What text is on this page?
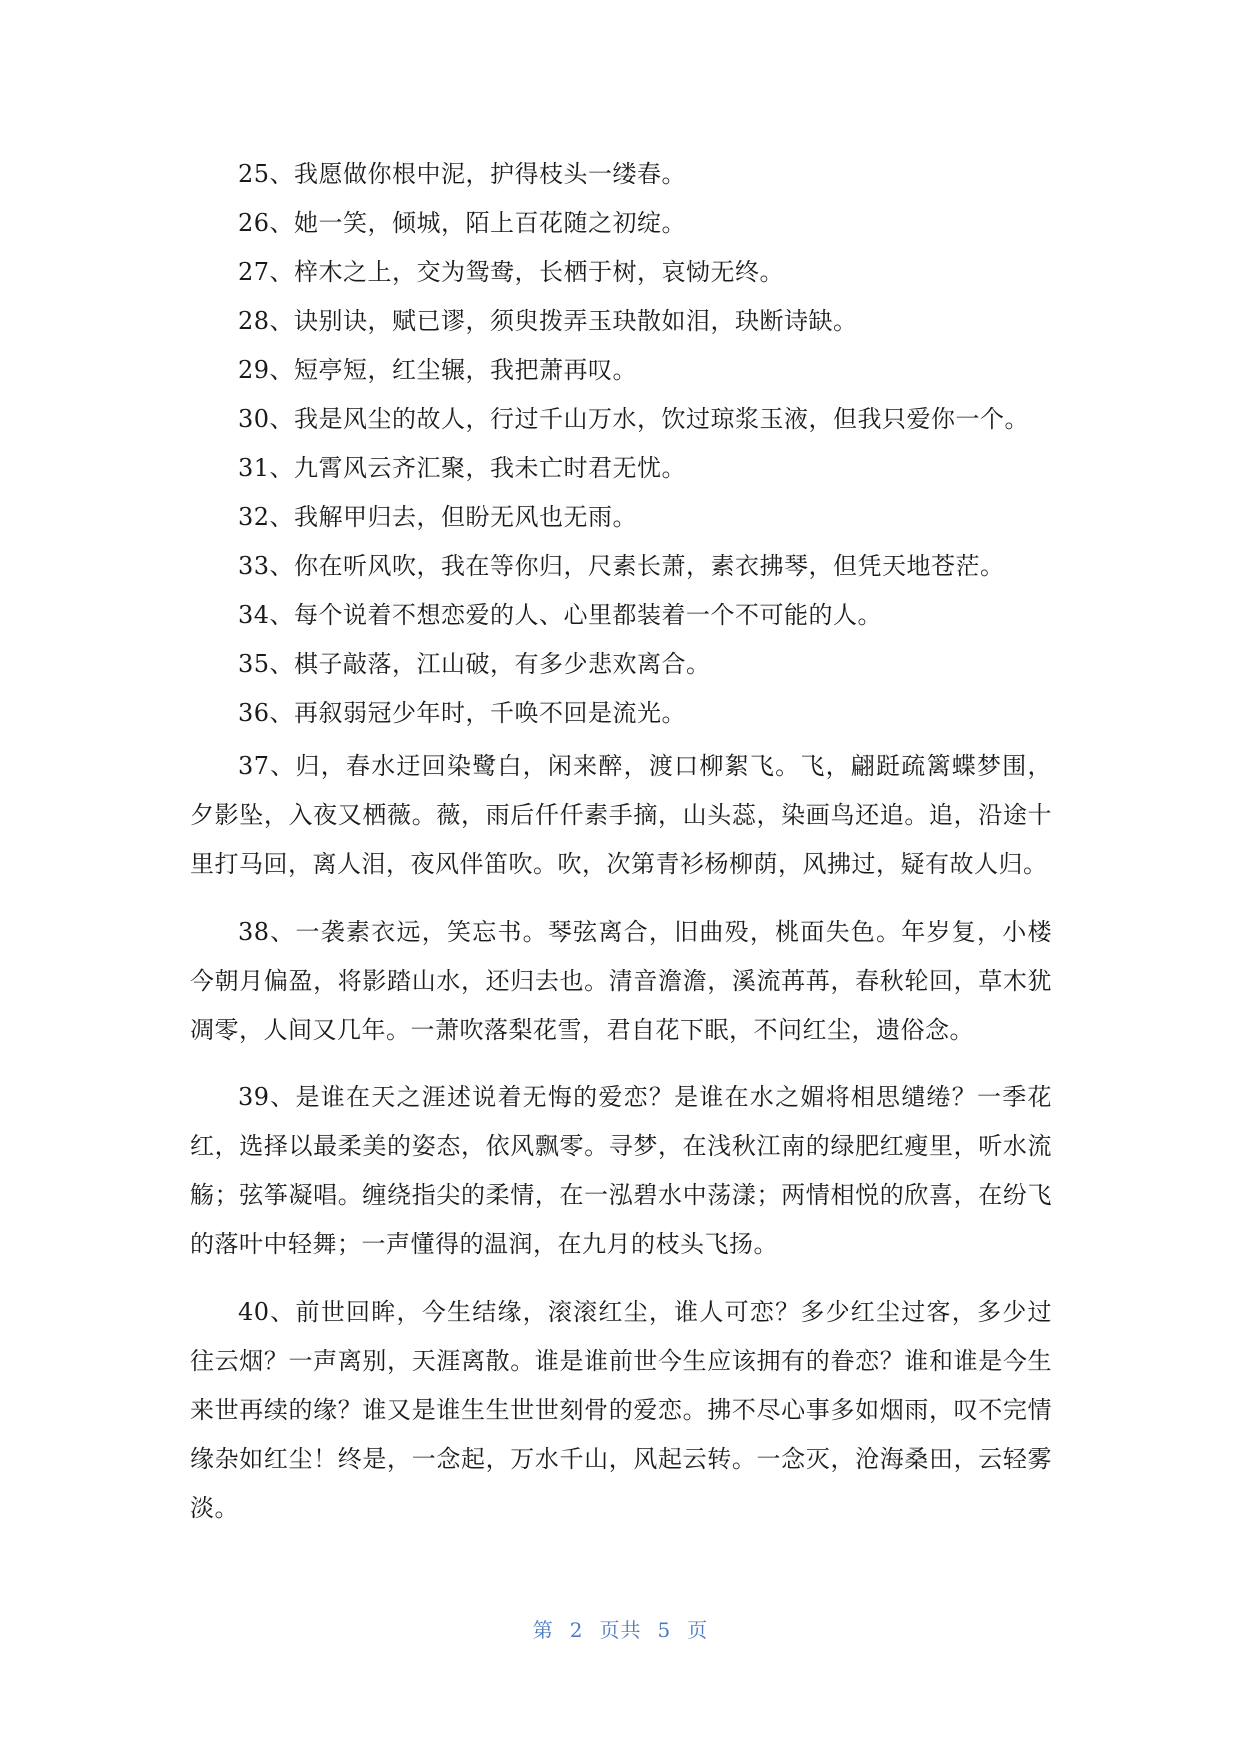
25、我愿做你根中泥，护得枝头一缕春。

26、她一笑，倾城，陌上百花随之初绽。

27、梓木之上，交为鸳鸯，长栖于树，哀恸无终。

28、诀别诀，赋已谬，须臾拨弄玉玦散如泪，玦断诗缺。

29、短亭短，红尘辗，我把萧再叹。

30、我是风尘的故人，行过千山万水，饮过琼浆玉液，但我只爱你一个。

31、九霄风云齐汇聚，我未亡时君无忧。

32、我解甲归去，但盼无风也无雨。

33、你在听风吹，我在等你归，尺素长萧，素衣拂琴，但凭天地苍茫。

34、每个说着不想恋爱的人、心里都装着一个不可能的人。

35、棋子敲落，江山破，有多少悲欢离合。

36、再叙弱冠少年时，千唤不回是流光。

37、归，春水迂回染鹭白，闲来醉，渡口柳絮飞。飞，翩跹疏篱蝶梦围，夕影坠，入夜又栖薇。薇，雨后仟仟素手摘，山头蕊，染画鸟还追。追，沿途十里打马回，离人泪，夜风伴笛吹。吹，次第青衫杨柳荫，风拂过，疑有故人归。

38、一袭素衣远，笑忘书。琴弦离合，旧曲殁，桃面失色。年岁复，小楼今朝月偏盈，将影踏山水，还归去也。清音澹澹，溪流苒苒，春秋轮回，草木犹凋零，人间又几年。一萧吹落梨花雪，君自花下眠，不问红尘，遗俗念。

39、是谁在天之涯述说着无悔的爱恋？是谁在水之媚将相思缱绻？一季花红，选择以最柔美的姿态，依风飘零。寻梦，在浅秋江南的绿肥红瘦里，听水流觞；弦筝凝唱。缠绕指尖的柔情，在一泓碧水中荡漾；两情相悦的欣喜，在纷飞的落叶中轻舞；一声懂得的温润，在九月的枝头飞扬。

40、前世回眸，今生结缘，滚滚红尘，谁人可恋？多少红尘过客，多少过往云烟？一声离别，天涯离散。谁是谁前世今生应该拥有的眷恋？谁和谁是今生来世再续的缘？谁又是谁生生世世刻骨的爱恋。拂不尽心事多如烟雨，叹不完情缘杂如红尘！终是，一念起，万水千山，风起云转。一念灭，沧海桑田，云轻雾淡。

第 2 页共 5 页
